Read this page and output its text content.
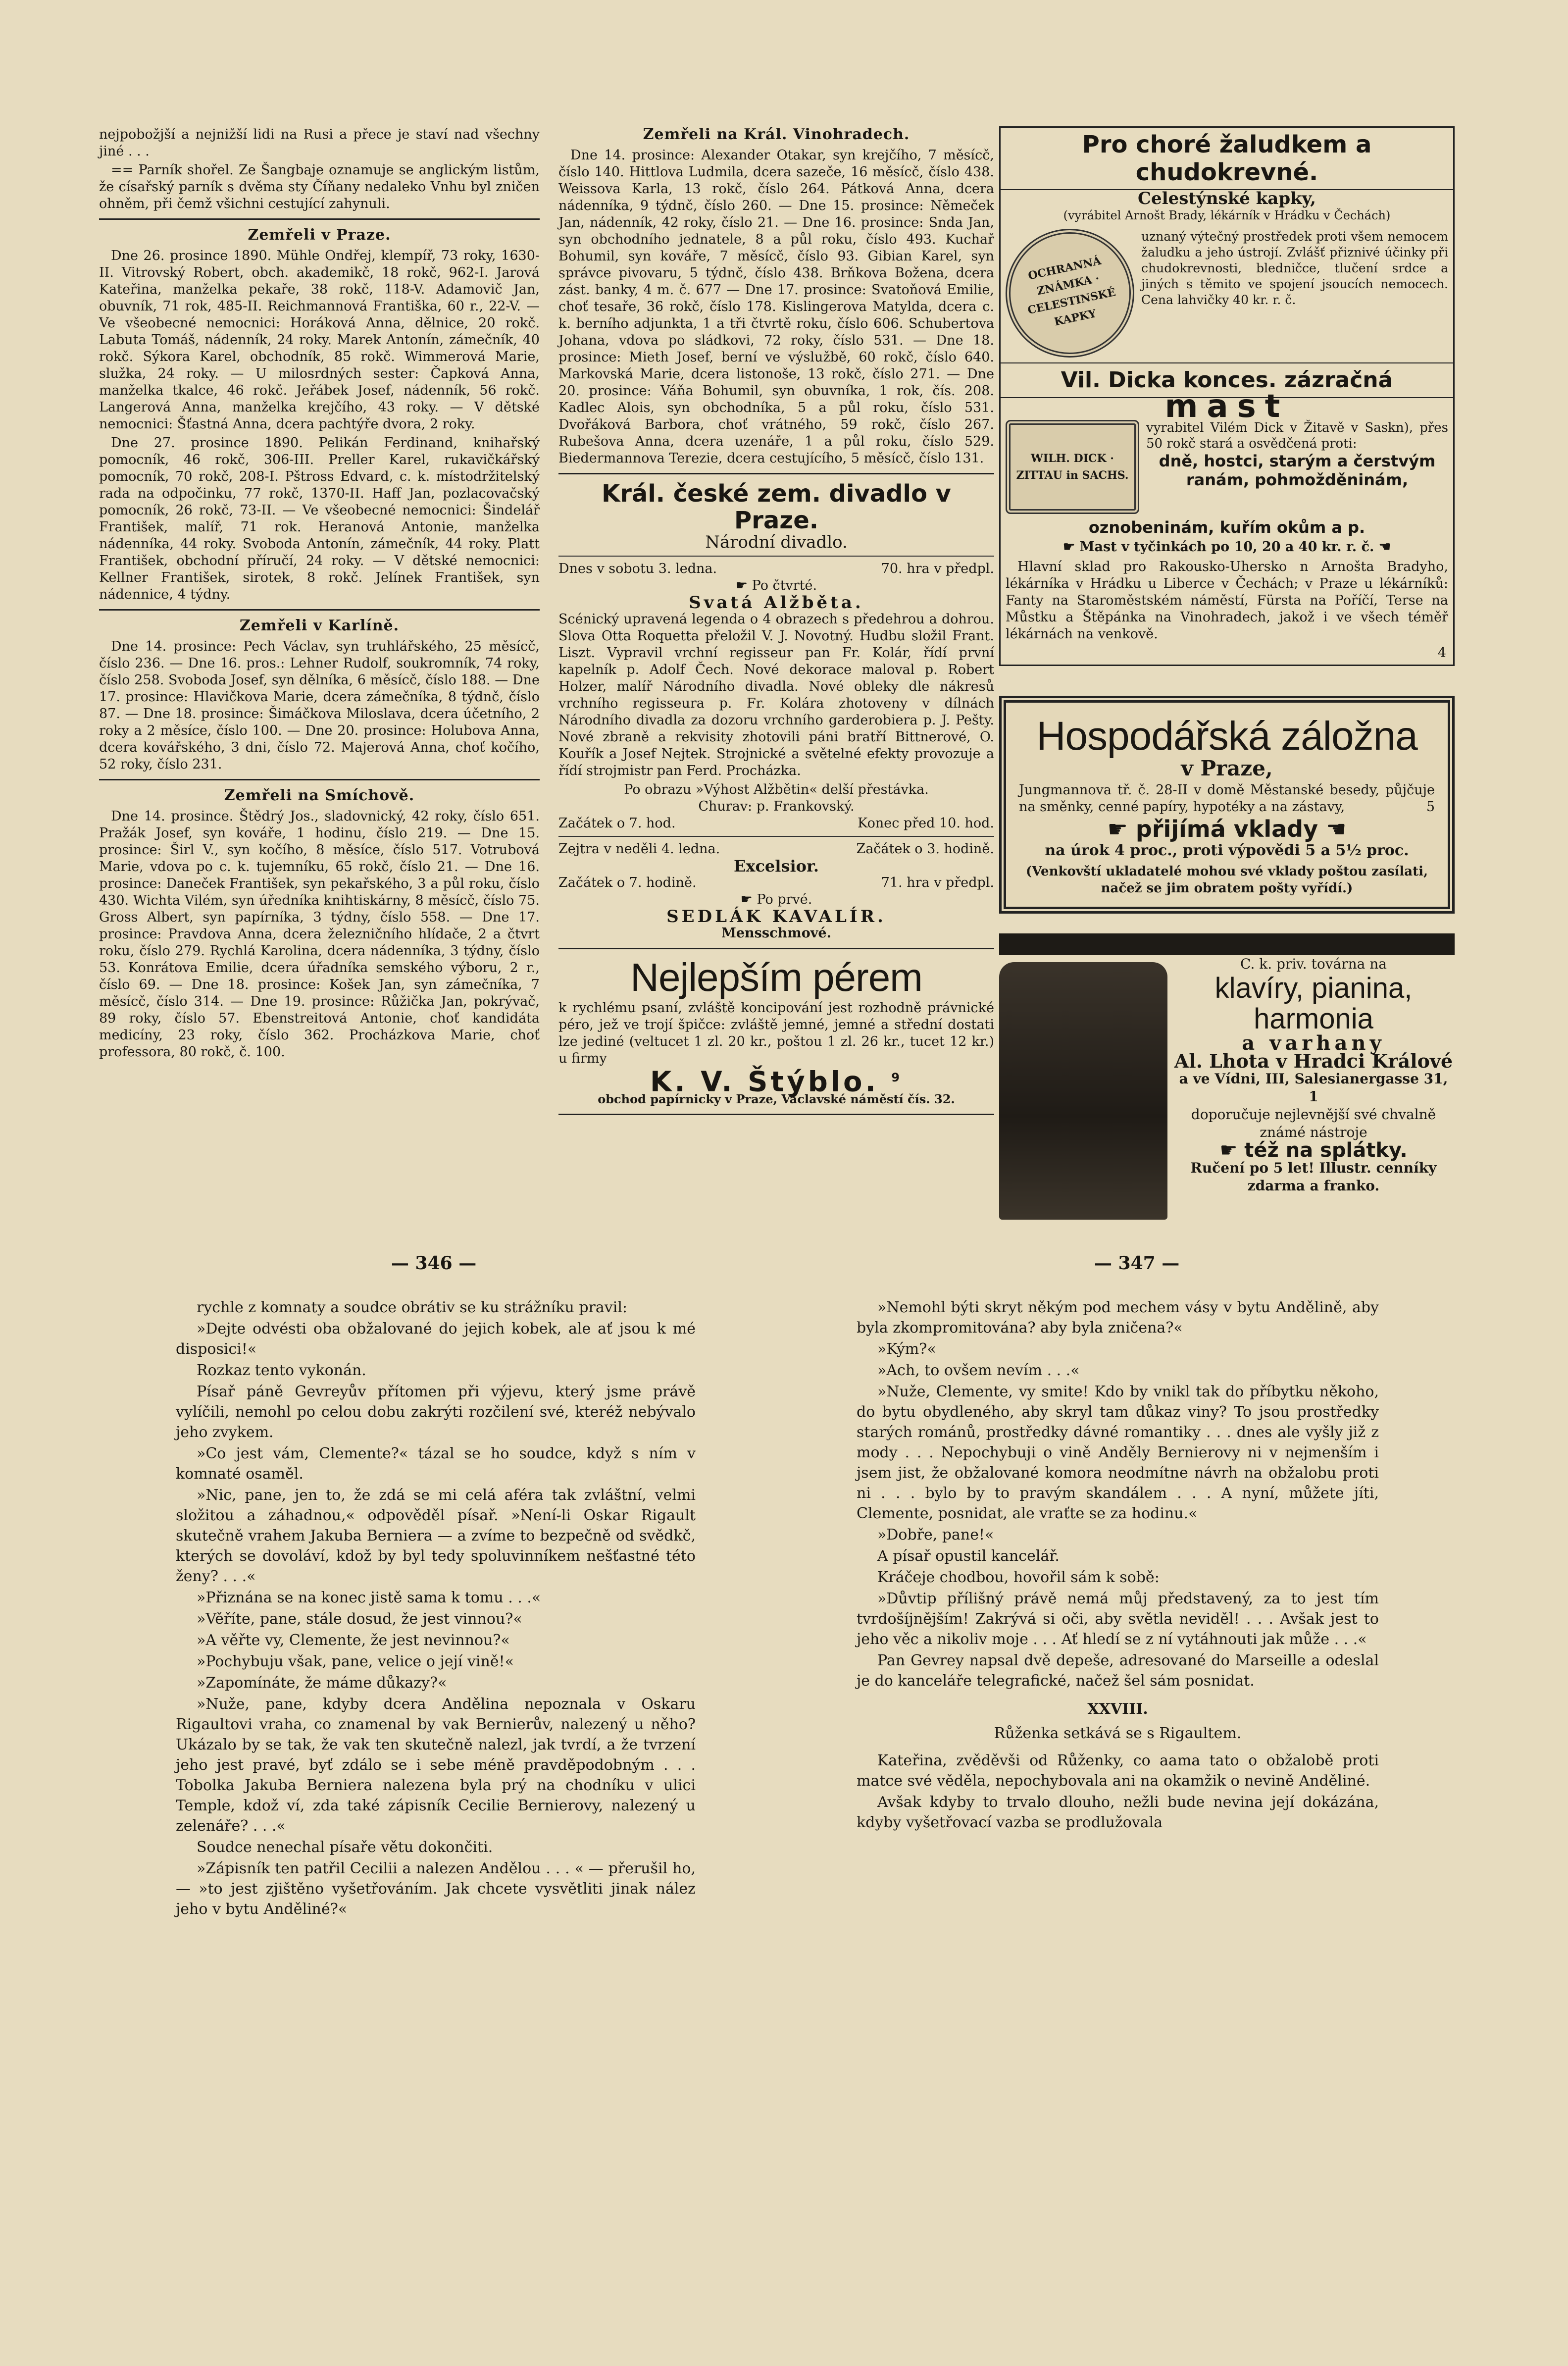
nejpobožjší a nejnižší lidi na Rusi a přece je staví nad všechny jiné . . .

== Parník shořel. Ze Šangbaje oznamuje se anglickým listům, že císařský parník s dvěma sty Číňany nedaleko Vnhu byl zničen ohněm, při čemž všichni cestující zahynuli.

Zemřeli v Praze.

Dne 26. prosince 1890. Mühle Ondřej, klempíř, 73 roky, 1630-II. Vitrovský Robert, obch. akademikč, 18 rokč, 962-I. Jarová Kateřina, manželka pekaře, 38 rokč, 118-V. Adamovič Jan, obuvník, 71 rok, 485-II. Reichmannová Františka, 60 r., 22-V. — Ve všeobecné nemocnici: Horáková Anna, dělnice, 20 rokč. Labuta Tomáš, nádenník, 24 roky. Marek Antonín, zámečník, 40 rokč. Sýkora Karel, obchodník, 85 rokč. Wimmerová Marie, služka, 24 roky. — U milosrdných sester: Čapková Anna, manželka tkalce, 46 rokč. Jeřábek Josef, nádenník, 56 rokč. Langerová Anna, manželka krejčího, 43 roky. — V dětské nemocnici: Šťastná Anna, dcera pachtýře dvora, 2 roky.

Dne 27. prosince 1890. Pelikán Ferdinand, knihařský pomocník, 46 rokč, 306-III. Preller Karel, rukavičkářský pomocník, 70 rokč, 208-I. Pštross Edvard, c. k. místodržitelský rada na odpočinku, 77 rokč, 1370-II. Haff Jan, pozlacovačský pomocník, 26 rokč, 73-II. — Ve všeobecné nemocnici: Šindelář František, malíř, 71 rok. Heranová Antonie, manželka nádenníka, 44 roky. Svoboda Antonín, zámečník, 44 roky. Platt František, obchodní příručí, 24 roky. — V dětské nemocnici: Kellner František, sirotek, 8 rokč. Jelínek František, syn nádennice, 4 týdny.

Zemřeli v Karlíně.

Dne 14. prosince: Pech Václav, syn truhlářského, 25 měsícč, číslo 236. — Dne 16. pros.: Lehner Rudolf, soukromník, 74 roky, číslo 258. Svoboda Josef, syn dělníka, 6 měsícč, číslo 188. — Dne 17. prosince: Hlavičkova Marie, dcera zámečníka, 8 týdnč, číslo 87. — Dne 18. prosince: Šimáčkova Miloslava, dcera účetního, 2 roky a 2 měsíce, číslo 100. — Dne 20. prosince: Holubova Anna, dcera kovářského, 3 dni, číslo 72. Majerová Anna, choť kočího, 52 roky, číslo 231.

Zemřeli na Smíchově.

Dne 14. prosince. Štědrý Jos., sladovnický, 42 roky, číslo 651. Pražák Josef, syn kováře, 1 hodinu, číslo 219. — Dne 15. prosince: Širl V., syn kočího, 8 měsíce, číslo 517. Votrubová Marie, vdova po c. k. tujemníku, 65 rokč, číslo 21. — Dne 16. prosince: Daneček František, syn pekařského, 3 a půl roku, číslo 430. Wichta Vilém, syn úředníka knihtiskárny, 8 měsícč, číslo 75. Gross Albert, syn papírníka, 3 týdny, číslo 558. — Dne 17. prosince: Pravdova Anna, dcera železničního hlídače, 2 a čtvrt roku, číslo 279. Rychlá Karolina, dcera nádenníka, 3 týdny, číslo 53. Konrátova Emilie, dcera úřadníka semského výboru, 2 r., číslo 69. — Dne 18. prosince: Košek Jan, syn zámečníka, 7 měsícč, číslo 314. — Dne 19. prosince: Růžička Jan, pokrývač, 89 roky, číslo 57. Ebenstreitová Antonie, choť kandidáta medicíny, 23 roky, číslo 362. Procházkova Marie, choť professora, 80 rokč, č. 100.

Zemřeli na Král. Vinohradech.

Dne 14. prosince: Alexander Otakar, syn krejčího, 7 měsícč, číslo 140. Hittlova Ludmila, dcera sazeče, 16 měsícč, číslo 438. Weissova Karla, 13 rokč, číslo 264. Pátková Anna, dcera nádenníka, 9 týdnč, číslo 260. — Dne 15. prosince: Němeček Jan, nádenník, 42 roky, číslo 21. — Dne 16. prosince: Snda Jan, syn obchodního jednatele, 8 a půl roku, číslo 493. Kuchař Bohumil, syn kováře, 7 měsícč, číslo 93. Gibian Karel, syn správce pivovaru, 5 týdnč, číslo 438. Brňkova Božena, dcera zást. banky, 4 m. č. 677 — Dne 17. prosince: Svatoňová Emilie, choť tesaře, 36 rokč, číslo 178. Kislingerova Matylda, dcera c. k. berního adjunkta, 1 a tři čtvrtě roku, číslo 606. Schubertova Johana, vdova po sládkovi, 72 roky, číslo 531. — Dne 18. prosince: Mieth Josef, berní ve výslužbě, 60 rokč, číslo 640. Markovská Marie, dcera listonoše, 13 rokč, číslo 271. — Dne 20. prosince: Váňa Bohumil, syn obuvníka, 1 rok, čís. 208. Kadlec Alois, syn obchodníka, 5 a půl roku, číslo 531. Dvořáková Barbora, choť vrátného, 59 rokč, číslo 267. Rubešova Anna, dcera uzenáře, 1 a půl roku, číslo 529. Biedermannova Terezie, dcera cestujícího, 5 měsícč, číslo 131.

Král. české zem. divadlo v Praze.
Národní divadlo.
Dnes v sobotu 3. ledna.	70. hra v předpl.
☛ Po čtvrté.
Svatá Alžběta.

Scénický upravená legenda o 4 obrazech s předehrou a dohrou. Slova Otta Roquetta přeložil V. J. Novotný. Hudbu složil Frant. Liszt. Vypravil vrchní regisseur pan Fr. Kolár, řídí první kapelník p. Adolf Čech. Nové dekorace maloval p. Robert Holzer, malíř Národního divadla. Nové obleky dle nákresů vrchního regisseura p. Fr. Kolára zhotoveny v dílnách Národního divadla za dozoru vrchního garderobiera p. J. Pešty. Nové zbraně a rekvisity zhotovili páni bratří Bittnerové, O. Kouřík a Josef Nejtek. Strojnické a světelné efekty provozuje a řídí strojmistr pan Ferd. Procházka.

Po obrazu »Výhost Alžbětin« delší přestávka.
Churav: p. Frankovský.
Začátek o 7. hod.	Konec před 10. hod.
Zejtra v neděli 4. ledna.	Začátek o 3. hodině.
Excelsior.
Začátek o 7. hodině.	71. hra v předpl.
☛ Po prvé.
SEDLÁK KAVALÍR.
Mensschmové.
Nejlepším pérem

k rychlému psaní, zvláště koncipování jest rozhodně právnické péro, jež ve trojí špičce: zvláště jemné, jemné a střední dostati lze jediné (veltucet 1 zl. 20 kr., poštou 1 zl. 26 kr., tucet 12 kr.) u firmy

K. V. Štýblo. $^9$
obchod papírnicky v Praze, Václavské náměstí čís. 32.
Pro choré žaludkem a chudokrevné.
Celestýnské kapky,
(vyrábitel Arnošt Brady, lékárník v Hrádku v Čechách)
OCHRANNÁ ZNÁMKA · CELESTINSKÉ KAPKY
uznaný výtečný prostředek proti všem nemocem žaludku a jeho ústrojí. Zvlášť přiznivé účinky při chudokrevnosti, bledničce, tlučení srdce a jiných s těmito ve spojení jsoucích nemocech. Cena lahvičky 40 kr. r. č.
Vil. Dicka konces. zázračná
mast
WILH. DICK · ZITTAU in SACHS.
vyrabitel Vilém Dick v Žitavě v Saskn), přes 50 rokč stará a osvědčená proti:
dně, hostci, starým a čerstvým ranám, pohmožděninám,
oznobeninám, kuřím okům a p.
☛ Mast v tyčinkách po 10, 20 a 40 kr. r. č. ☚

Hlavní sklad pro Rakousko-Uhersko n Arnošta Bradyho, lékárníka v Hrádku u Liberce v Čechách; v Praze u lékárníků: Fanty na Staroměstském náměstí, Fürsta na Poříčí, Terse na Můstku a Štěpánka na Vinohradech, jakož i ve všech téměř lékárnách na venkově.

4
Hospodářská záložna
v Praze,

Jungmannova tř. č. 28-II v domě Městanské besedy, půjčuje na směnky, cenné papíry, hypotéky a na zástavy,	5

☛ přijímá vklady ☚
na úrok 4 proc., proti výpovědi 5 a 5½ proc.
(Venkovští ukladatelé mohou své vklady poštou zasílati, načež se jim obratem pošty vyřídí.)
C. k. priv. továrna na
klavíry, pianina, harmonia
a varhany
Al. Lhota v Hradci Králové
a ve Vídni, III, Salesianergasse 31, 1
doporučuje nejlevnější své chvalně známé nástroje
☛ též na splátky.
Ručení po 5 let! Illustr. cenníky zdarma a franko.
— 346 —	— 347 —

rychle z komnaty a soudce obrátiv se ku strážníku pravil:

»Dejte odvésti oba obžalované do jejich kobek, ale ať jsou k mé disposici!«

Rozkaz tento vykonán.

Písař páně Gevreyův přítomen při výjevu, který jsme právě vylíčili, nemohl po celou dobu zakrýti rozčilení své, kteréž nebývalo jeho zvykem.

»Co jest vám, Clemente?« tázal se ho soudce, když s ním v komnaté osaměl.

»Nic, pane, jen to, že zdá se mi celá aféra tak zvláštní, velmi složitou a záhadnou,« odpověděl písař. »Není-li Oskar Rigault skutečně vrahem Jakuba Berniera — a zvíme to bezpečně od svědkč, kterých se dovoláví, kdož by byl tedy spoluvinníkem nešťastné této ženy? . . .«

»Přiznána se na konec jistě sama k tomu . . .«

»Věříte, pane, stále dosud, že jest vinnou?«

»A věřte vy, Clemente, že jest nevinnou?«

»Pochybuju však, pane, velice o její vině!«

»Zapomínáte, že máme důkazy?«

»Nuže, pane, kdyby dcera Andělina nepoznala v Oskaru Rigaultovi vraha, co znamenal by vak Bernierův, nalezený u něho? Ukázalo by se tak, že vak ten skutečně nalezl, jak tvrdí, a že tvrzení jeho jest pravé, byť zdálo se i sebe méně pravděpodobným . . . Tobolka Jakuba Berniera nalezena byla prý na chodníku v ulici Temple, kdož ví, zda také zápisník Cecilie Bernierovy, nalezený u zelenáře? . . .«

Soudce nenechal písaře větu dokončiti.

»Zápisník ten patřil Cecilii a nalezen Andělou . . . « — přerušil ho, — »to jest zjištěno vyšetřováním. Jak chcete vysvětliti jinak nález jeho v bytu Anděliné?«

»Nemohl býti skryt někým pod mechem vásy v bytu Andělině, aby byla zkompromitována? aby byla zničena?«

»Kým?«

»Ach, to ovšem nevím . . .«

»Nuže, Clemente, vy smite! Kdo by vnikl tak do příbytku někoho, do bytu obydleného, aby skryl tam důkaz viny? To jsou prostředky starých románů, prostředky dávné romantiky . . . dnes ale vyšly již z mody . . . Nepochybuji o vině Anděly Bernierovy ni v nejmenším i jsem jist, že obžalované komora neodmítne návrh na obžalobu proti ni . . . bylo by to pravým skandálem . . . A nyní, můžete jíti, Clemente, posnidat, ale vraťte se za hodinu.«

»Dobře, pane!«

A písař opustil kancelář.

Kráčeje chodbou, hovořil sám k sobě:

»Důvtip přílišný právě nemá můj představený, za to jest tím tvrdošíjnějším! Zakrývá si oči, aby světla neviděl! . . . Avšak jest to jeho věc a nikoliv moje . . . Ať hledí se z ní vytáhnouti jak může . . .«

Pan Gevrey napsal dvě depeše, adresované do Marseille a odeslal je do kanceláře telegrafické, načež šel sám posnidat.

XXVIII.

Růženka setkává se s Rigaultem.

Kateřina, zvěděvši od Růženky, co aama tato o obžalobě proti matce své věděla, nepochybovala ani na okamžik o nevině Anděliné.

Avšak kdyby to trvalo dlouho, nežli bude nevina její dokázána, kdyby vyšetřovací vazba se prodlužovala
